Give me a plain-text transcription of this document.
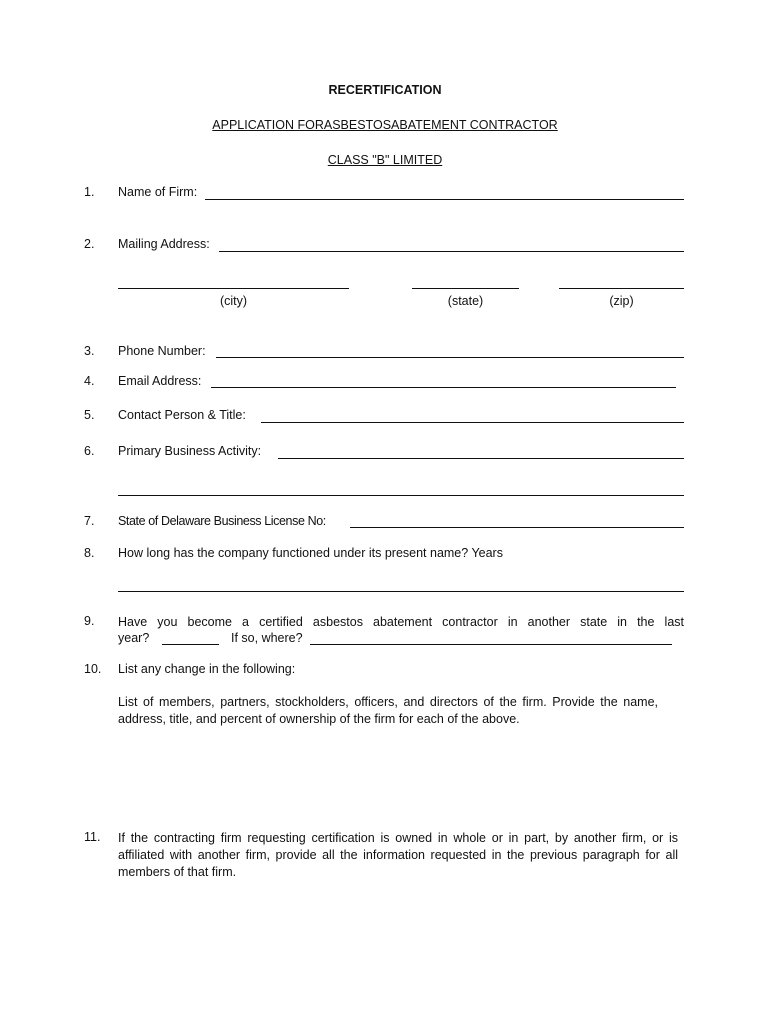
RECERTIFICATION
APPLICATION FORASBESTOSABATEMENT CONTRACTOR
CLASS "B" LIMITED
1. Name of Firm:
2. Mailing Address:
(city)	(state)	(zip)
3. Phone Number:
4. Email Address:
5. Contact Person & Title:
6. Primary Business Activity:
7. State of Delaware Business License No:
8. How long has the company functioned under its present name? Years
9. Have you become a certified asbestos abatement contractor in another state in the last
year?	If so, where?
10. List any change in the following:
List of members, partners, stockholders, officers, and directors of the firm. Provide the name, address, title, and percent of ownership of the firm for each of the above.
11. If the contracting firm requesting certification is owned in whole or in part, by another firm, or is affiliated with another firm, provide all the information requested in the previous paragraph for all members of that firm.
